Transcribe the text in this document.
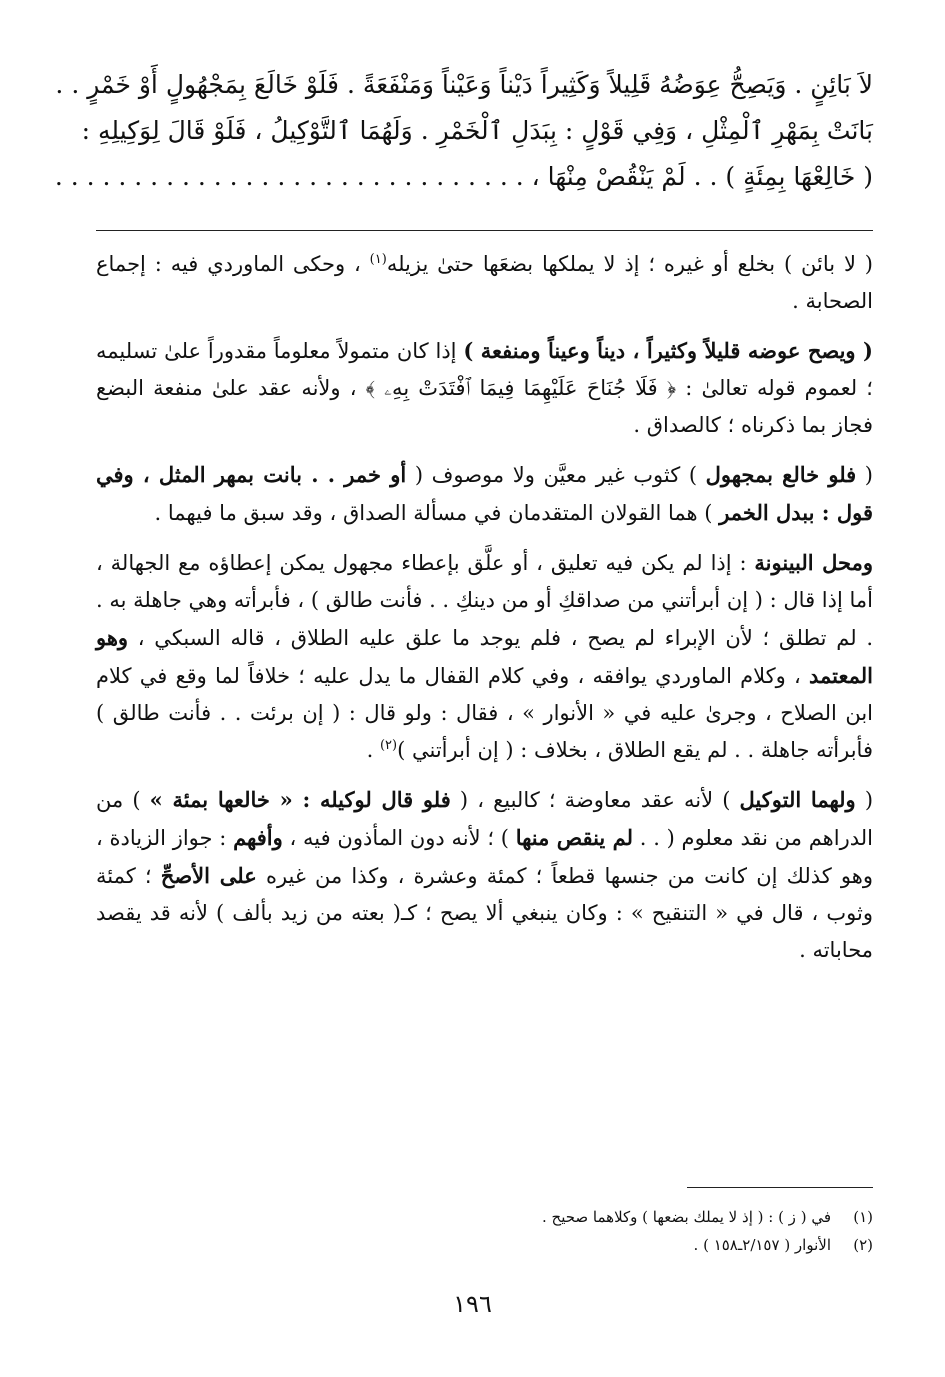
لاَ بَائِنٍ . وَيَصِحُّ عِوَضُهُ قَلِيلاً وَكَثِيراً دَيْناً وَعَيْناً وَمَنْفَعَةً . فَلَوْ خَالَعَ بِمَجْهُولٍ أَوْ خَمْرٍ . .
بَانَتْ بِمَهْرِ ٱلْمِثْلِ ، وَفِي قَوْلٍ : بِبَدَلِ ٱلْخَمْرِ . وَلَهُمَا ٱلتَّوْكِيلُ ، فَلَوْ قَالَ لِوَكِيلِهِ :
( خَالِعْهَا بِمِئَةٍ ) . . لَمْ يَنْقُصْ مِنْهَا ، . . . . . . . . . . . . . . . . . . . . . . . . . . . . . .

( لا بائن ) بخلع أو غيره ؛ إذ لا يملكها بضعَها حتىٰ يزيله$^{(١)}$ ، وحكى الماوردي فيه : إجماع الصحابة .

( ويصح عوضه قليلاً وكثيراً ، ديناً وعيناً ومنفعة ) إذا كان متمولاً معلوماً مقدوراً علىٰ تسليمه ؛ لعموم قوله تعالىٰ : ﴿ فَلَا جُنَاحَ عَلَيْهِمَا فِيمَا ٱفْتَدَتْ بِهِۦ ﴾ ، ولأنه عقد علىٰ منفعة البضع فجاز بما ذكرناه ؛ كالصداق .

( فلو خالع بمجهول ) كثوب غير معيَّن ولا موصوف ( أو خمر . . بانت بمهر المثل ، وفي قول : ببدل الخمر ) هما القولان المتقدمان في مسألة الصداق ، وقد سبق ما فيهما .

ومحل البينونة : إذا لم يكن فيه تعليق ، أو علَّق بإعطاء مجهول يمكن إعطاؤه مع الجهالة ، أما إذا قال : ( إن أبرأتني من صداقكِ أو من دينكِ . . فأنت طالق ) ، فأبرأته وهي جاهلة به . . لم تطلق ؛ لأن الإبراء لم يصح ، فلم يوجد ما علق عليه الطلاق ، قاله السبكي ، وهو المعتمد ، وكلام الماوردي يوافقه ، وفي كلام القفال ما يدل عليه ؛ خلافاً لما وقع في كلام ابن الصلاح ، وجرىٰ عليه في « الأنوار » ، فقال : ولو قال : ( إن برئت . . فأنت طالق ) فأبرأته جاهلة . . لم يقع الطلاق ، بخلاف : ( إن أبرأتني )$^{(٢)}$ .

( ولهما التوكيل ) لأنه عقد معاوضة ؛ كالبيع ، ( فلو قال لوكيله : « خالعها بمئة » ) من الدراهم من نقد معلوم ( . . لم ينقص منها ) ؛ لأنه دون المأذون فيه ، وأفهم : جواز الزيادة ، وهو كذلك إن كانت من جنسها قطعاً ؛ كمئة وعشرة ، وكذا من غيره على الأصحِّ ؛ كمئة وثوب ، قال في « التنقيح » : وكان ينبغي ألا يصح ؛ كـ( بعته من زيد بألف ) لأنه قد يقصد محاباته .

(١)في ( ز ) : ( إذ لا يملك بضعها ) وكلاهما صحيح .
(٢)الأنوار ( ٢/١٥٧ـ١٥٨ ) .
١٩٦
